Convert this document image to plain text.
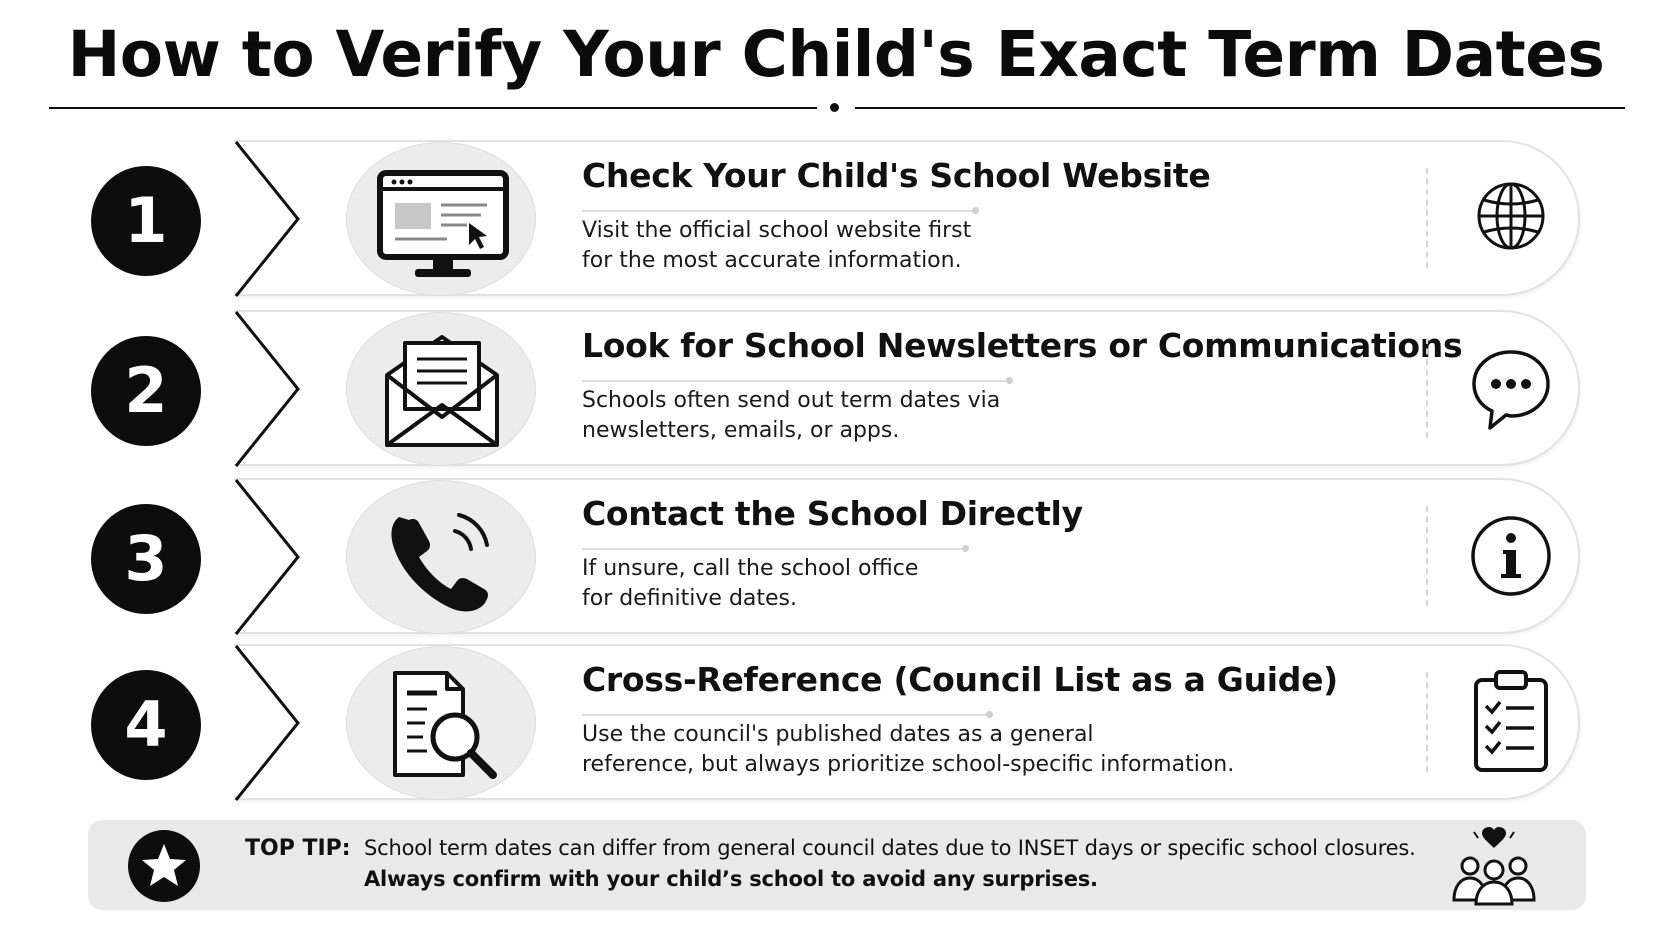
How to Verify Your Child's Exact Term Dates
1
Check Your Child's School Website
Visit the official school website first
for the most accurate information.
2
Look for School Newsletters or Communications
Schools often send out term dates via
newsletters, emails, or apps.
3
Contact the School Directly
If unsure, call the school office
for definitive dates.
4
Cross-Reference (Council List as a Guide)
Use the council's published dates as a general
reference, but always prioritize school-specific information.
TOP TIP: School term dates can differ from general council dates due to INSET days or specific school closures.
Always confirm with your child’s school to avoid any surprises.
